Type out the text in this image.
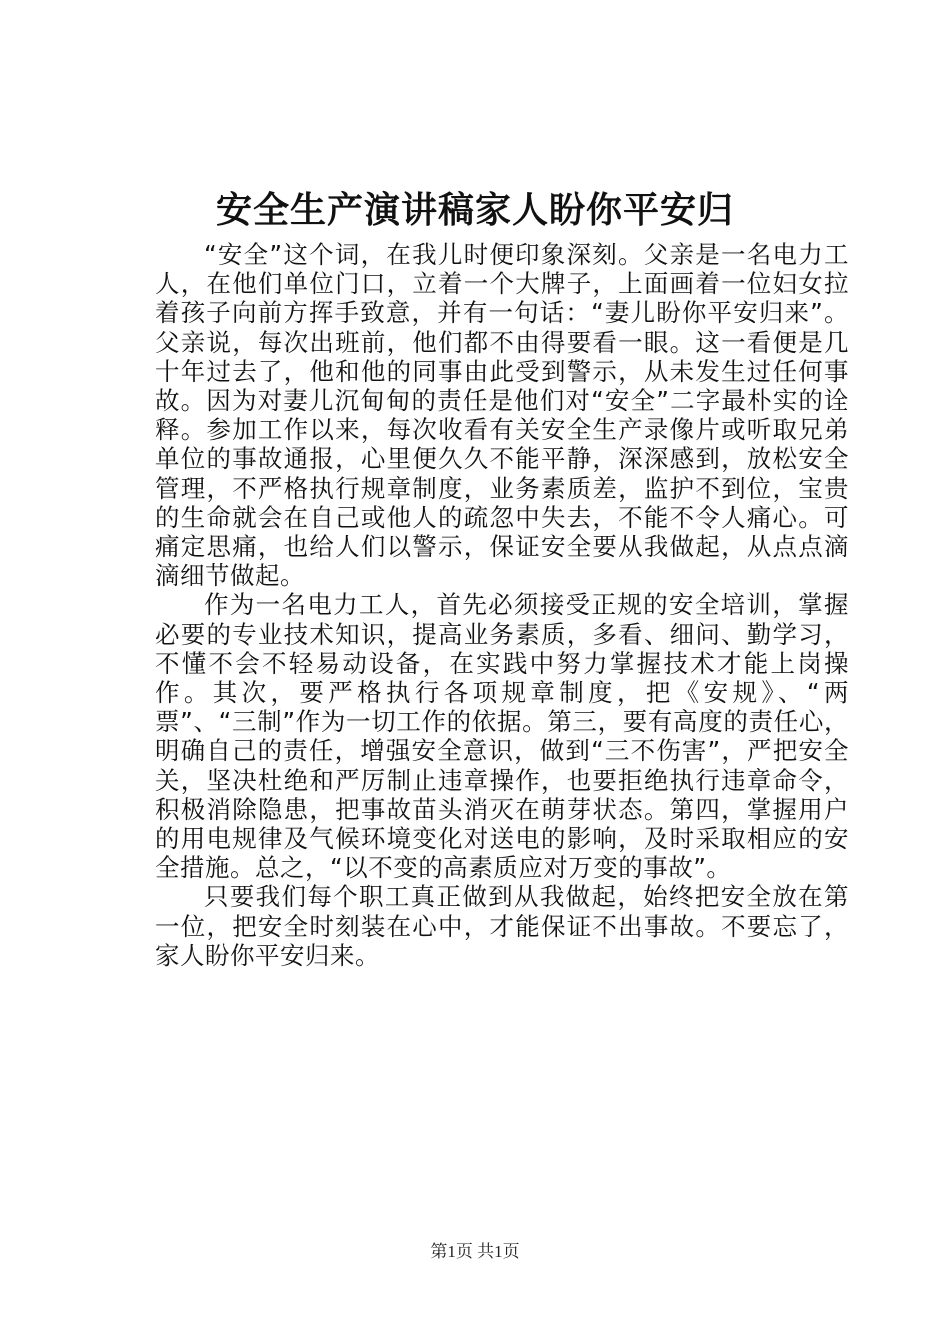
安全生产演讲稿家人盼你平安归

“安全”这个词，在我儿时便印象深刻。父亲是一名电力工人，在他们单位门口，立着一个大牌子，上面画着一位妇女拉着孩子向前方挥手致意，并有一句话：“妻儿盼你平安归来”。父亲说，每次出班前，他们都不由得要看一眼。这一看便是几十年过去了，他和他的同事由此受到警示，从未发生过任何事故。因为对妻儿沉甸甸的责任是他们对“安全”二字最朴实的诠释。参加工作以来，每次收看有关安全生产录像片或听取兄弟单位的事故通报，心里便久久不能平静，深深感到，放松安全管理，不严格执行规章制度，业务素质差，监护不到位，宝贵的生命就会在自己或他人的疏忽中失去，不能不令人痛心。可痛定思痛，也给人们以警示，保证安全要从我做起，从点点滴滴细节做起。

作为一名电力工人，首先必须接受正规的安全培训，掌握必要的专业技术知识，提高业务素质，多看、细问、勤学习，不懂不会不轻易动设备，在实践中努力掌握技术才能上岗操作。其次，要严格执行各项规章制度，把《安规》、“两票”、“三制”作为一切工作的依据。第三，要有高度的责任心，明确自己的责任，增强安全意识，做到“三不伤害”，严把安全关，坚决杜绝和严厉制止违章操作，也要拒绝执行违章命令，积极消除隐患，把事故苗头消灭在萌芽状态。第四，掌握用户的用电规律及气候环境变化对送电的影响，及时采取相应的安全措施。总之，“以不变的高素质应对万变的事故”。

只要我们每个职工真正做到从我做起，始终把安全放在第一位，把安全时刻装在心中，才能保证不出事故。不要忘了，家人盼你平安归来。

第1页 共1页
